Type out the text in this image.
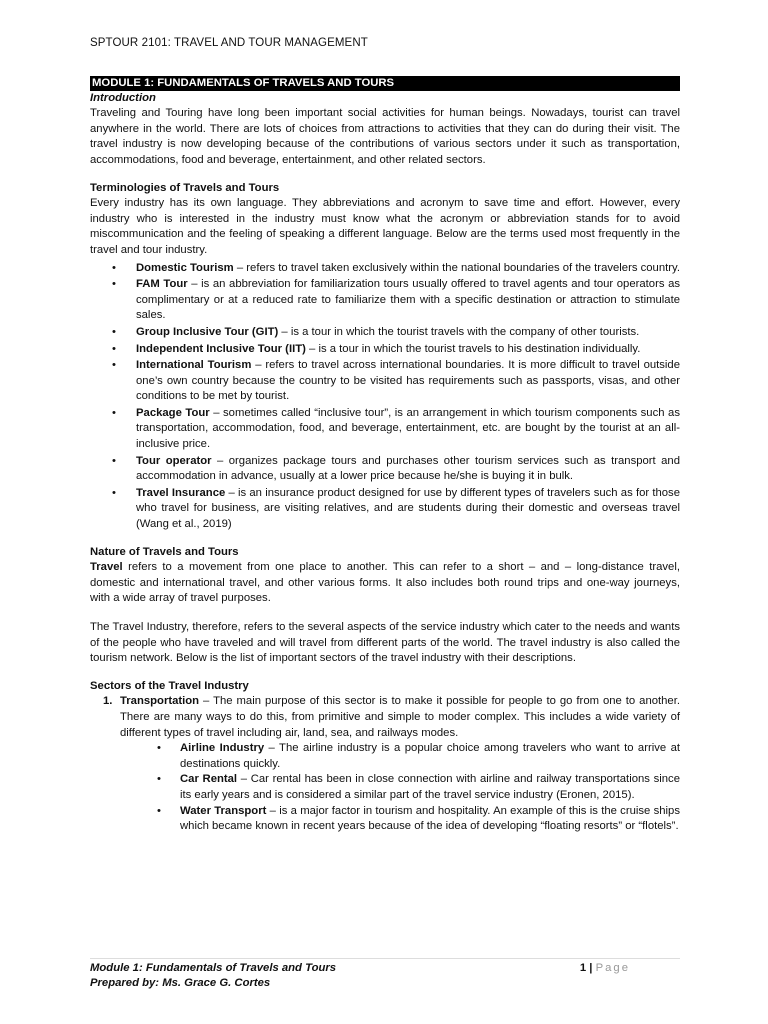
SPTOUR 2101: TRAVEL AND TOUR MANAGEMENT
MODULE 1: FUNDAMENTALS OF TRAVELS AND TOURS
Introduction

Traveling and Touring have long been important social activities for human beings. Nowadays, tourist can travel anywhere in the world. There are lots of choices from attractions to activities that they can do during their visit. The travel industry is now developing because of the contributions of various sectors under it such as transportation, accommodations, food and beverage, entertainment, and other related sectors.

Terminologies of Travels and Tours

Every industry has its own language. They abbreviations and acronym to save time and effort. However, every industry who is interested in the industry must know what the acronym or abbreviation stands for to avoid miscommunication and the feeling of speaking a different language. Below are the terms used most frequently in the travel and tour industry.

• Domestic Tourism – refers to travel taken exclusively within the national boundaries of the travelers country.
• FAM Tour – is an abbreviation for familiarization tours usually offered to travel agents and tour operators as complimentary or at a reduced rate to familiarize them with a specific destination or attraction to stimulate sales.
• Group Inclusive Tour (GIT) – is a tour in which the tourist travels with the company of other tourists.
• Independent Inclusive Tour (IIT) – is a tour in which the tourist travels to his destination individually.
• International Tourism – refers to travel across international boundaries. It is more difficult to travel outside one’s own country because the country to be visited has requirements such as passports, visas, and other conditions to be met by tourist.
• Package Tour – sometimes called “inclusive tour”, is an arrangement in which tourism components such as transportation, accommodation, food, and beverage, entertainment, etc. are bought by the tourist at an all-inclusive price.
• Tour operator – organizes package tours and purchases other tourism services such as transport and accommodation in advance, usually at a lower price because he/she is buying it in bulk.
• Travel Insurance – is an insurance product designed for use by different types of travelers such as for those who travel for business, are visiting relatives, and are students during their domestic and overseas travel (Wang et al., 2019)
Nature of Travels and Tours

Travel refers to a movement from one place to another. This can refer to a short – and – long-distance travel, domestic and international travel, and other various forms. It also includes both round trips and one-way journeys, with a wide array of travel purposes.

The Travel Industry, therefore, refers to the several aspects of the service industry which cater to the needs and wants of the people who have traveled and will travel from different parts of the world. The travel industry is also called the tourism network. Below is the list of important sectors of the travel industry with their descriptions.

Sectors of the Travel Industry
1. Transportation – The main purpose of this sector is to make it possible for people to go from one to another. There are many ways to do this, from primitive and simple to moder complex. This includes a wide variety of different types of travel including air, land, sea, and railways modes.
• Airline Industry – The airline industry is a popular choice among travelers who want to arrive at destinations quickly.
• Car Rental – Car rental has been in close connection with airline and railway transportations since its early years and is considered a similar part of the travel service industry (Eronen, 2015).
• Water Transport – is a major factor in tourism and hospitality. An example of this is the cruise ships which became known in recent years because of the idea of developing “floating resorts” or “flotels”.
Module 1: Fundamentals of Travels and Tours	1 | Page
Prepared by: Ms. Grace G. Cortes
